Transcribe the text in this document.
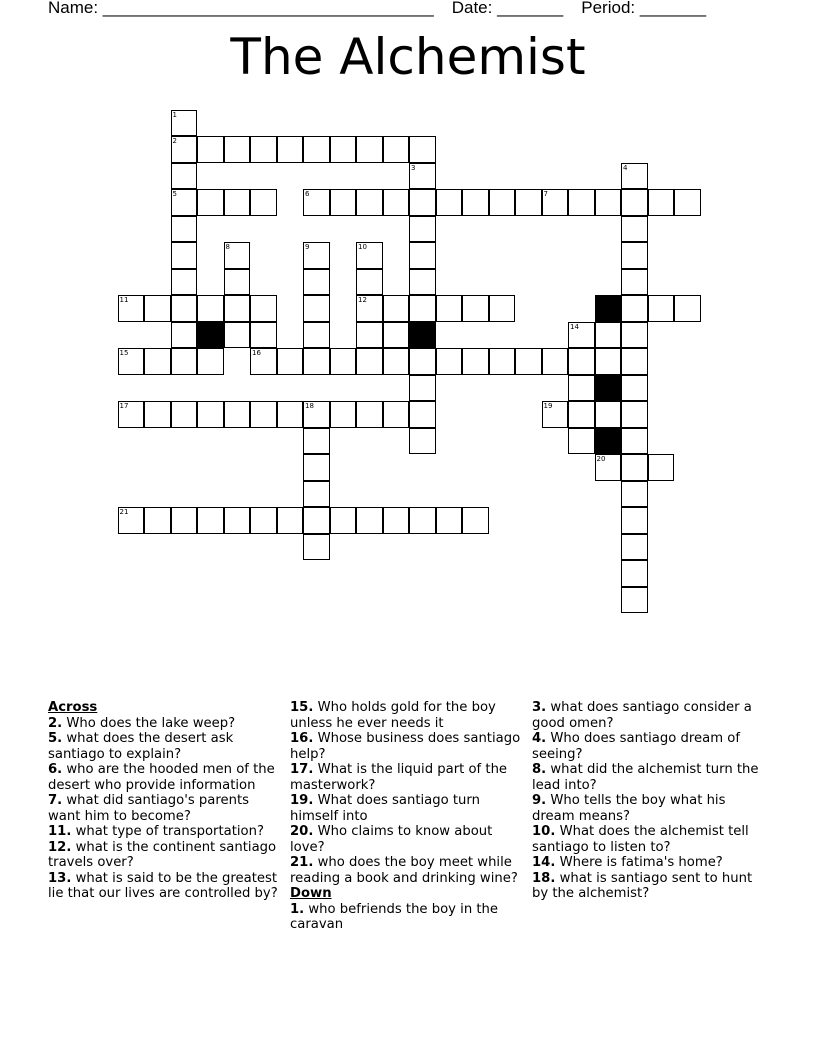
Name: ___________________________________ Date: _______ Period: _______
The Alchemist
1
2
3	4
5	6	7
8	9	10
11	12	13
14
15	16
17	18	19
20
21
Across
2. Who does the lake weep?
5. what does the desert ask santiago to explain?
6. who are the hooded men of the desert who provide information
7. what did santiago's parents want him to become?
11. what type of transportation?
12. what is the continent santiago travels over?
13. what is said to be the greatest lie that our lives are controlled by?
15. Who holds gold for the boy unless he ever needs it
16. Whose business does santiago help?
17. What is the liquid part of the masterwork?
19. What does santiago turn himself into
20. Who claims to know about love?
21. who does the boy meet while reading a book and drinking wine?
Down
1. who befriends the boy in the caravan
3. what does santiago consider a good omen?
4. Who does santiago dream of seeing?
8. what did the alchemist turn the lead into?
9. Who tells the boy what his dream means?
10. What does the alchemist tell santiago to listen to?
14. Where is fatima's home?
18. what is santiago sent to hunt by the alchemist?
